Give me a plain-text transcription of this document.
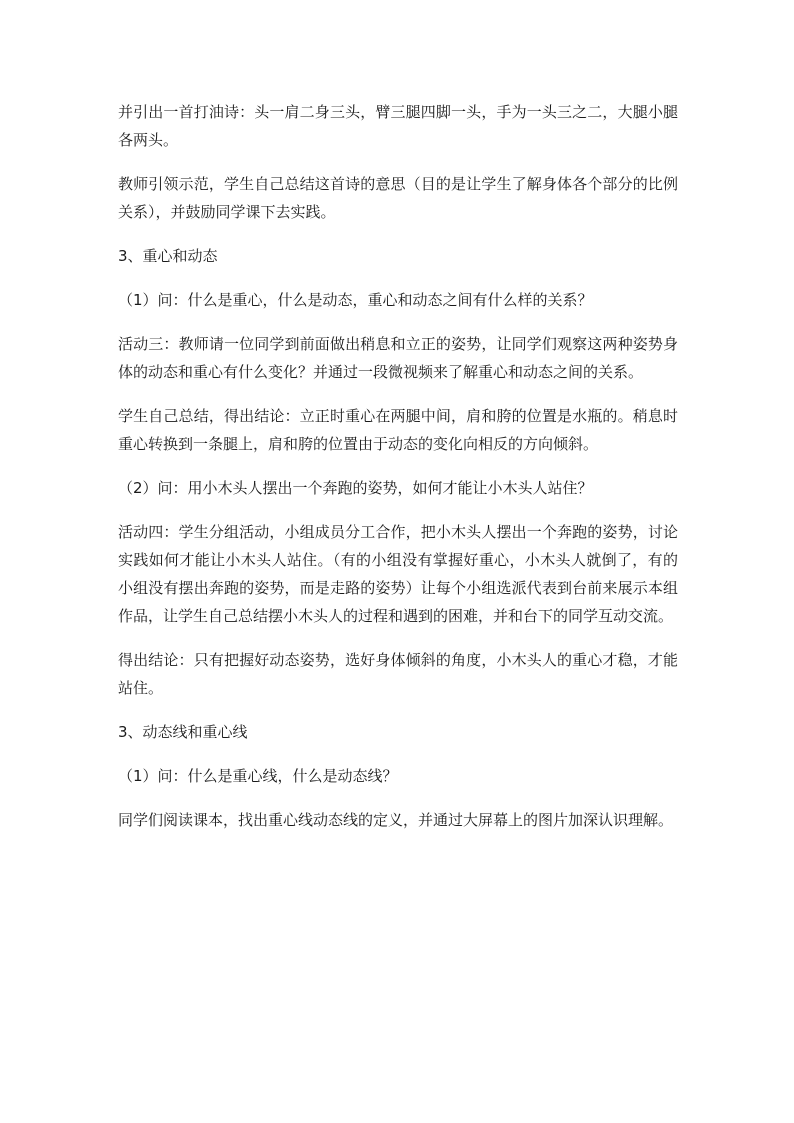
并引出一首打油诗：头一肩二身三头，臂三腿四脚一头，手为一头三之二，大腿小腿各两头。

教师引领示范，学生自己总结这首诗的意思（目的是让学生了解身体各个部分的比例关系），并鼓励同学课下去实践。

3、重心和动态

（1）问：什么是重心，什么是动态，重心和动态之间有什么样的关系？

活动三：教师请一位同学到前面做出稍息和立正的姿势，让同学们观察这两种姿势身体的动态和重心有什么变化？并通过一段微视频来了解重心和动态之间的关系。

学生自己总结，得出结论：立正时重心在两腿中间，肩和胯的位置是水瓶的。稍息时重心转换到一条腿上，肩和胯的位置由于动态的变化向相反的方向倾斜。

（2）问：用小木头人摆出一个奔跑的姿势，如何才能让小木头人站住？

活动四：学生分组活动，小组成员分工合作，把小木头人摆出一个奔跑的姿势，讨论实践如何才能让小木头人站住。（有的小组没有掌握好重心，小木头人就倒了，有的小组没有摆出奔跑的姿势，而是走路的姿势）让每个小组选派代表到台前来展示本组作品，让学生自己总结摆小木头人的过程和遇到的困难，并和台下的同学互动交流。

得出结论：只有把握好动态姿势，选好身体倾斜的角度，小木头人的重心才稳，才能站住。

3、动态线和重心线

（1）问：什么是重心线，什么是动态线？

同学们阅读课本，找出重心线动态线的定义，并通过大屏幕上的图片加深认识理解。
